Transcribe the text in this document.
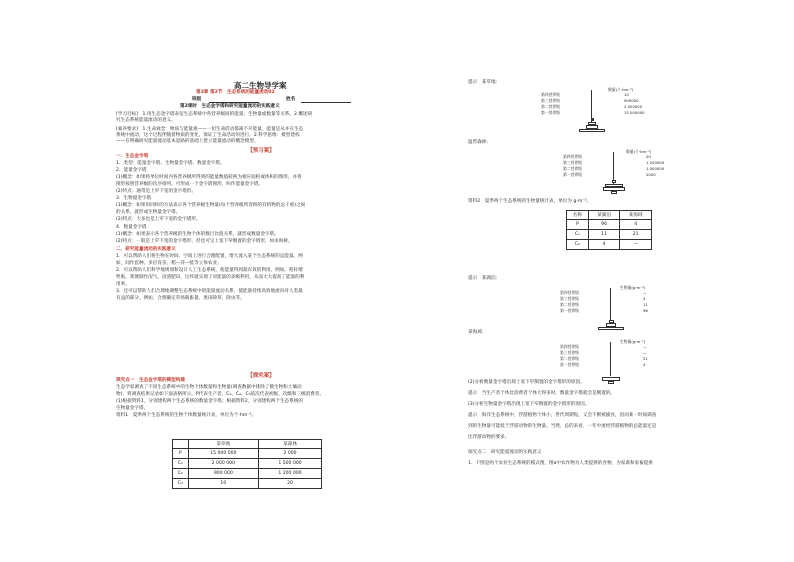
高二生物导学案
第3章 第2节　生态系统的能量流动02
班级	姓名
第2课时　生态金字塔和研究能量流动的实践意义
[学习目标]　1.用生态金字塔表征生态系统中各营养级间的能量、生物量或数量等关系。2.概述研
究生态系统能量流动的意义。
[素养要求]　1.生命观念：物质与能量观——一切生命活动都离不开能量，能量是从并在生态
系统中流动，这个过程伴随着物质的变化，保证了生命活动的进行。2.科学思维：模型建构
——在明确研究能量流动基本思路的基础上建立能量流动的概念模型。
【预习案】
一、生态金字塔
1．类型：能量金字塔、生物量金字塔、数量金字塔。
2．能量金字塔
(1)概念：如果将单位时间内各营养级所得到的能量数值转换为相应面积或体积的图形，并将
图形按照营养级的次序排列，可形成一个金字塔图形，叫作能量金字塔。
(2)特点：通常是上窄下宽的金字塔形。
3．生物量金字塔
(1)概念：如果用同样的方法表示各个营养级生物量(每个营养级所容纳的有机物的总干重)之间
的关系，就形成生物量金字塔。
(2)特点：大多也是上窄下宽的金字塔形。
4．数量金字塔
(1)概念：如果表示各个营养级的生物个体的数目比值关系，就形成数量金字塔。
(2)特点：一般是上窄下宽的金字塔形，但也可呈上宽下窄倒置的金字塔形，如虫和树。
二、研究能量流动的实践意义
1．可以帮助人们将生物在时间、空间上进行合理配置，增大流入某个生态系统的总能量。例
如，间作套种、多层育苗、稻—萍—蛙等立体农业。
2．可以帮助人们科学地规划和设计人工生态系统，使能量得到最有效的利用。例如，秸秆喂
牲畜，粪便制作沼气，沼渣肥田，这样就实现了对能量的多级利用，从而大大提高了能量的利
用率。
3．还可以帮助人们合理地调整生态系统中的能量流动关系，使能量持续高效地流向对人类最
有益的部分。例如，合理确定草场载畜量、奥田除草、除虫等。
探究点一　生态金字塔的模型构建
生态学家调查了不同生态系统中的生物个体数量和生物量(调查数据中排除了微生物和土壤动
物)，将调查结果记录如下面表格所示，P代表生产者，C₁、C₂、C₃依次代表初级、次级和三级消费者。
(1)根据资料1，分别建构两个生态系统的数量金字塔；根据资料2，分别建构两个生态系统的
生物量金字塔。
资料1　夏季两个生态系统的生物个体数量统计表，单位为个·hm⁻²。
【探究案】
	某草地	某森林
P	15 000 000	2 000
C₁	2 000 000	1 500 000
C₂	900 000	1 200 000
C₃	10	20
提示　某草地：
数量(个·hm⁻²)
第四营养级	10
第三营养级	900000
第二营养级	2 000000
第一营养级	15 000000
温带森林：
数量(个·hm⁻²)
第四营养级	20
第三营养级	1 200000
第二营养级	1 500000
第一营养级	2000
资料2　夏季两个生态系统的生物量统计表，单位为 g·m⁻²。
名称	某湖泊	某海域
P	96	4
C₁	11	21
C₂	4	—
提示　某湖泊：
生物量(g·m⁻²)
第四营养级	—
第三营养级	4
第二营养级	11
第一营养级	96
某海域：
生物量(g·m⁻²)
第四营养级	—
第三营养级	—
第二营养级	21
第一营养级	4
(2)分析数量金字塔出现上宽下窄倒置的金字塔形的原因。
提示　当生产者个体比消费者个体大得多时，数量金字塔就会是倒置的。
(3)分析生物量金字塔出现上宽下窄倒置的金字塔形的原因。
提示　海洋生态系统中，浮游植物个体小，世代周期短，又会不断被捕食，因而某一时间调查
到的生物量可能低于浮游动物的生物量。当然，总的来看，一年中流经浮游植物的总能量还是
比浮游动物的要多。
探究点二　研究能量流动的实践意义
1．下图是两个农业生态系统的模式图，图a中农作物为人类提供的食物、为家禽和家畜提供
